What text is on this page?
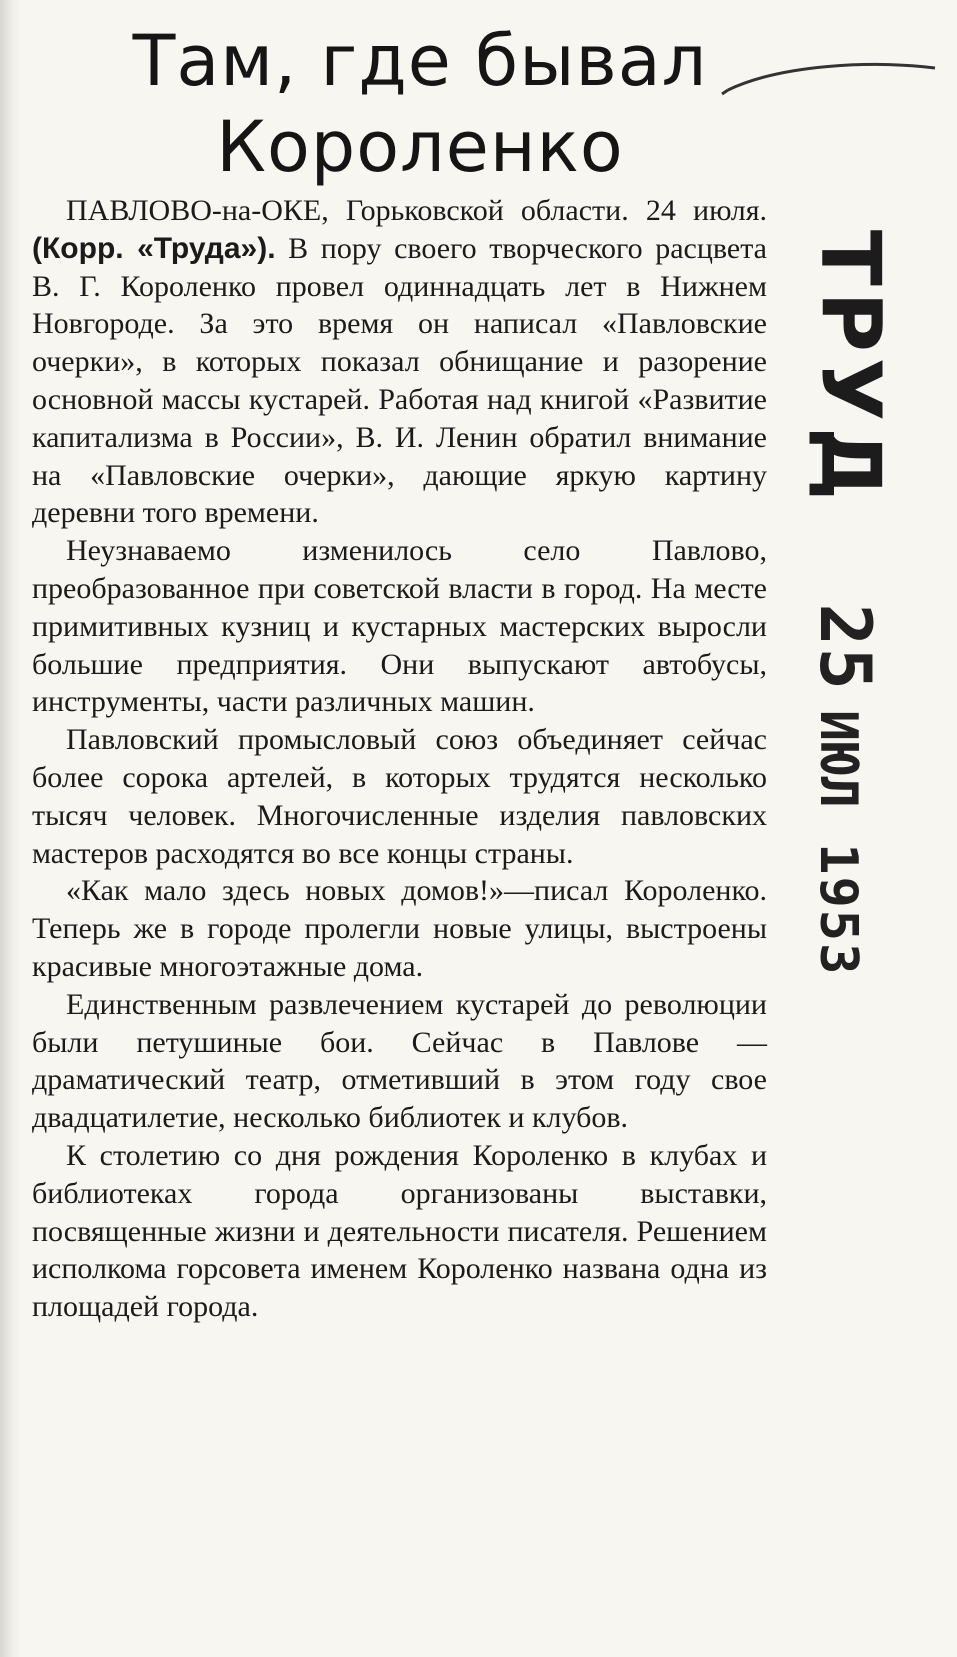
Там, где бывал
Короленко

ПАВЛОВО-на-ОКЕ, Горьковской области. 24 июля. (Корр. «Труда»). В пору своего творческого расцвета В. Г. Короленко провел одиннадцать лет в Нижнем Новгороде. За это время он написал «Павловские очерки», в которых показал обнищание и разорение основной массы кустарей. Работая над книгой «Развитие капитализма в России», В. И. Ленин обратил внимание на «Павловские очерки», дающие яркую картину деревни того времени.

Неузнаваемо изменилось село Павлово, преобразованное при советской власти в город. На месте примитивных кузниц и кустарных мастерских выросли большие предприятия. Они выпускают автобусы, инструменты, части различных машин.

Павловский промысловый союз объединяет сейчас более сорока артелей, в которых трудятся несколько тысяч человек. Многочисленные изделия павловских мастеров расходятся во все концы страны.

«Как мало здесь новых домов!»—писал Короленко. Теперь же в городе пролегли новые улицы, выстроены красивые многоэтажные дома.

Единственным развлечением кустарей до революции были петушиные бои. Сейчас в Павлове — драматический театр, отметивший в этом году свое двадцатилетие, несколько библиотек и клубов.

К столетию со дня рождения Короленко в клубах и библиотеках города организованы выставки, посвященные жизни и деятельности писателя. Решением исполкома горсовета именем Короленко названа одна из площадей города.

ТРУД
25ИЮЛ 1953
